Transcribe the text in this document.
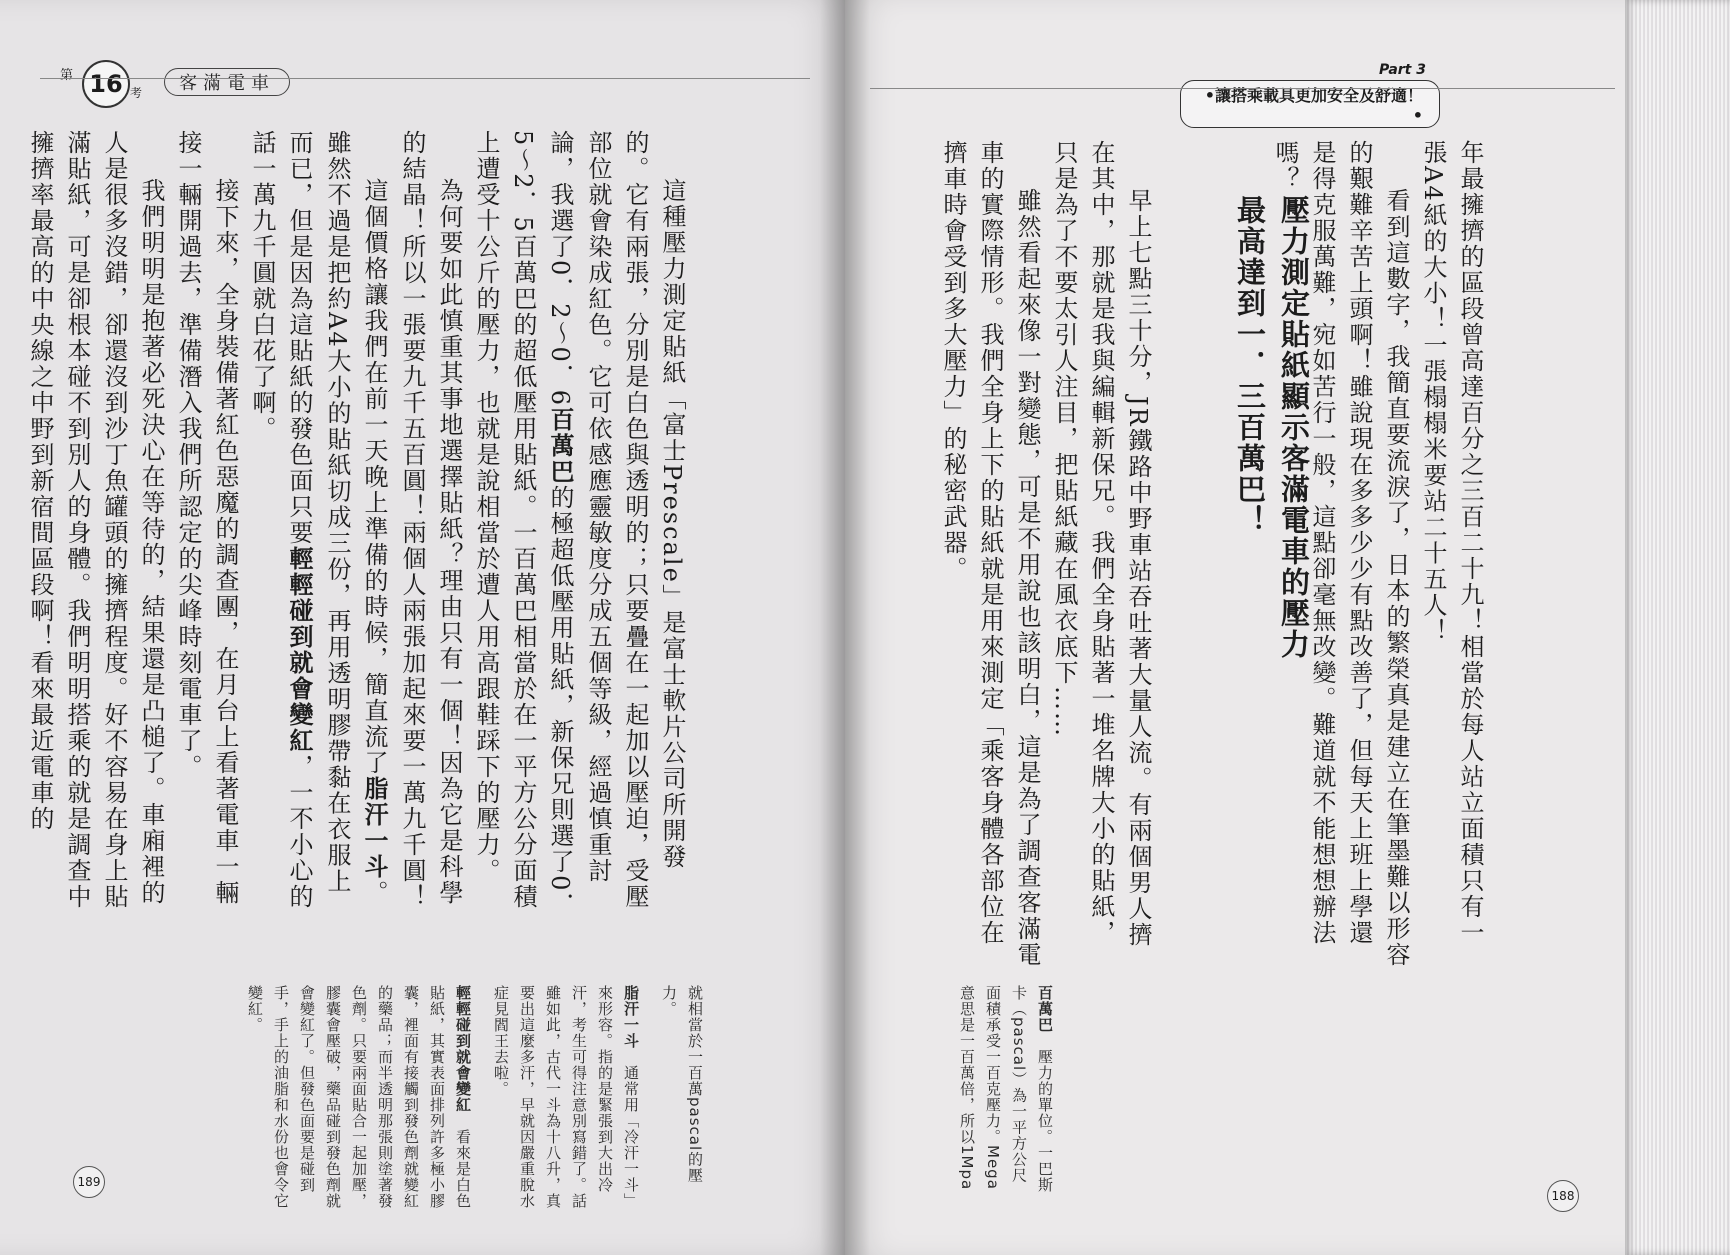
第 16 考	客滿電車
Part 3
•讓搭乘載具更加安全及舒適！•

這種壓力測定貼紙「富士Prescale」是富士軟片公司所開發的。它有兩張，分別是白色與透明的；只要疊在一起加以壓迫，受壓部位就會染成紅色。它可依感應靈敏度分成五個等級，經過慎重討論，我選了0．2～0．6百萬巴的極超低壓用貼紙，新保兄則選了0．5～2．5百萬巴的超低壓用貼紙。一百萬巴相當於在一平方公分面積上遭受十公斤的壓力，也就是說相當於遭人用高跟鞋踩下的壓力。

為何要如此慎重其事地選擇貼紙？理由只有一個！因為它是科學的結晶！所以一張要九千五百圓！兩個人兩張加起來要一萬九千圓！

這個價格讓我們在前一天晚上準備的時候，簡直流了脂汗一斗。雖然不過是把約A4大小的貼紙切成三份，再用透明膠帶黏在衣服上而已，但是因為這貼紙的發色面只要輕輕碰到就會變紅，一不小心的話一萬九千圓就白花了啊。

接下來，全身裝備著紅色惡魔的調查團，在月台上看著電車一輛接一輛開過去，準備潛入我們所認定的尖峰時刻電車了。

我們明明是抱著必死決心在等待的，結果還是凸槌了。車廂裡的人是很多沒錯，卻還沒到沙丁魚罐頭的擁擠程度。好不容易在身上貼滿貼紙，可是卻根本碰不到別人的身體。我們明明搭乘的就是調查中擁擠率最高的中央線之中野到新宿間區段啊！看來最近電車的

就相當於一百萬pascal的壓力。
脂汗一斗　通常用「冷汗一斗」來形容。指的是緊張到大出冷汗，考生可得注意別寫錯了。話雖如此，古代一斗為十八升，真要出這麼多汗，早就因嚴重脫水症見閻王去啦。
輕輕碰到就會變紅　看來是白色貼紙，其實表面排列許多極小膠囊，裡面有接觸到發色劑就變紅的藥品；而半透明那張則塗著發色劑。只要兩面貼合一起加壓，膠囊會壓破，藥品碰到發色劑就會變紅了。但發色面要是碰到手，手上的油脂和水份也會令它變紅。

年最擁擠的區段曾高達百分之三百二十九！相當於每人站立面積只有一張A4紙的大小！一張榻榻米要站二十五人！

看到這數字，我簡直要流淚了，日本的繁榮真是建立在筆墨難以形容的艱難辛苦上頭啊！雖說現在多多少少有點改善了，但每天上班上學還是得克服萬難，宛如苦行一般，這點卻毫無改變。難道就不能想想辦法嗎？

早上七點三十分，JR鐵路中野車站吞吐著大量人流。有兩個男人擠在其中，那就是我與編輯新保兄。我們全身貼著一堆名牌大小的貼紙，只是為了不要太引人注目，把貼紙藏在風衣底下……

雖然看起來像一對變態，可是不用說也該明白，這是為了調查客滿電車的實際情形。我們全身上下的貼紙就是用來測定「乘客身體各部位在擠車時會受到多大壓力」的秘密武器。	壓力測定貼紙顯示客滿電車的壓力
最高達到一．三百萬巴！
百萬巴　壓力的單位。一巴斯卡（pascal）為一平方公尺面積承受一百克壓力。Mega意思是一百萬倍，所以1Mpa
189
188
